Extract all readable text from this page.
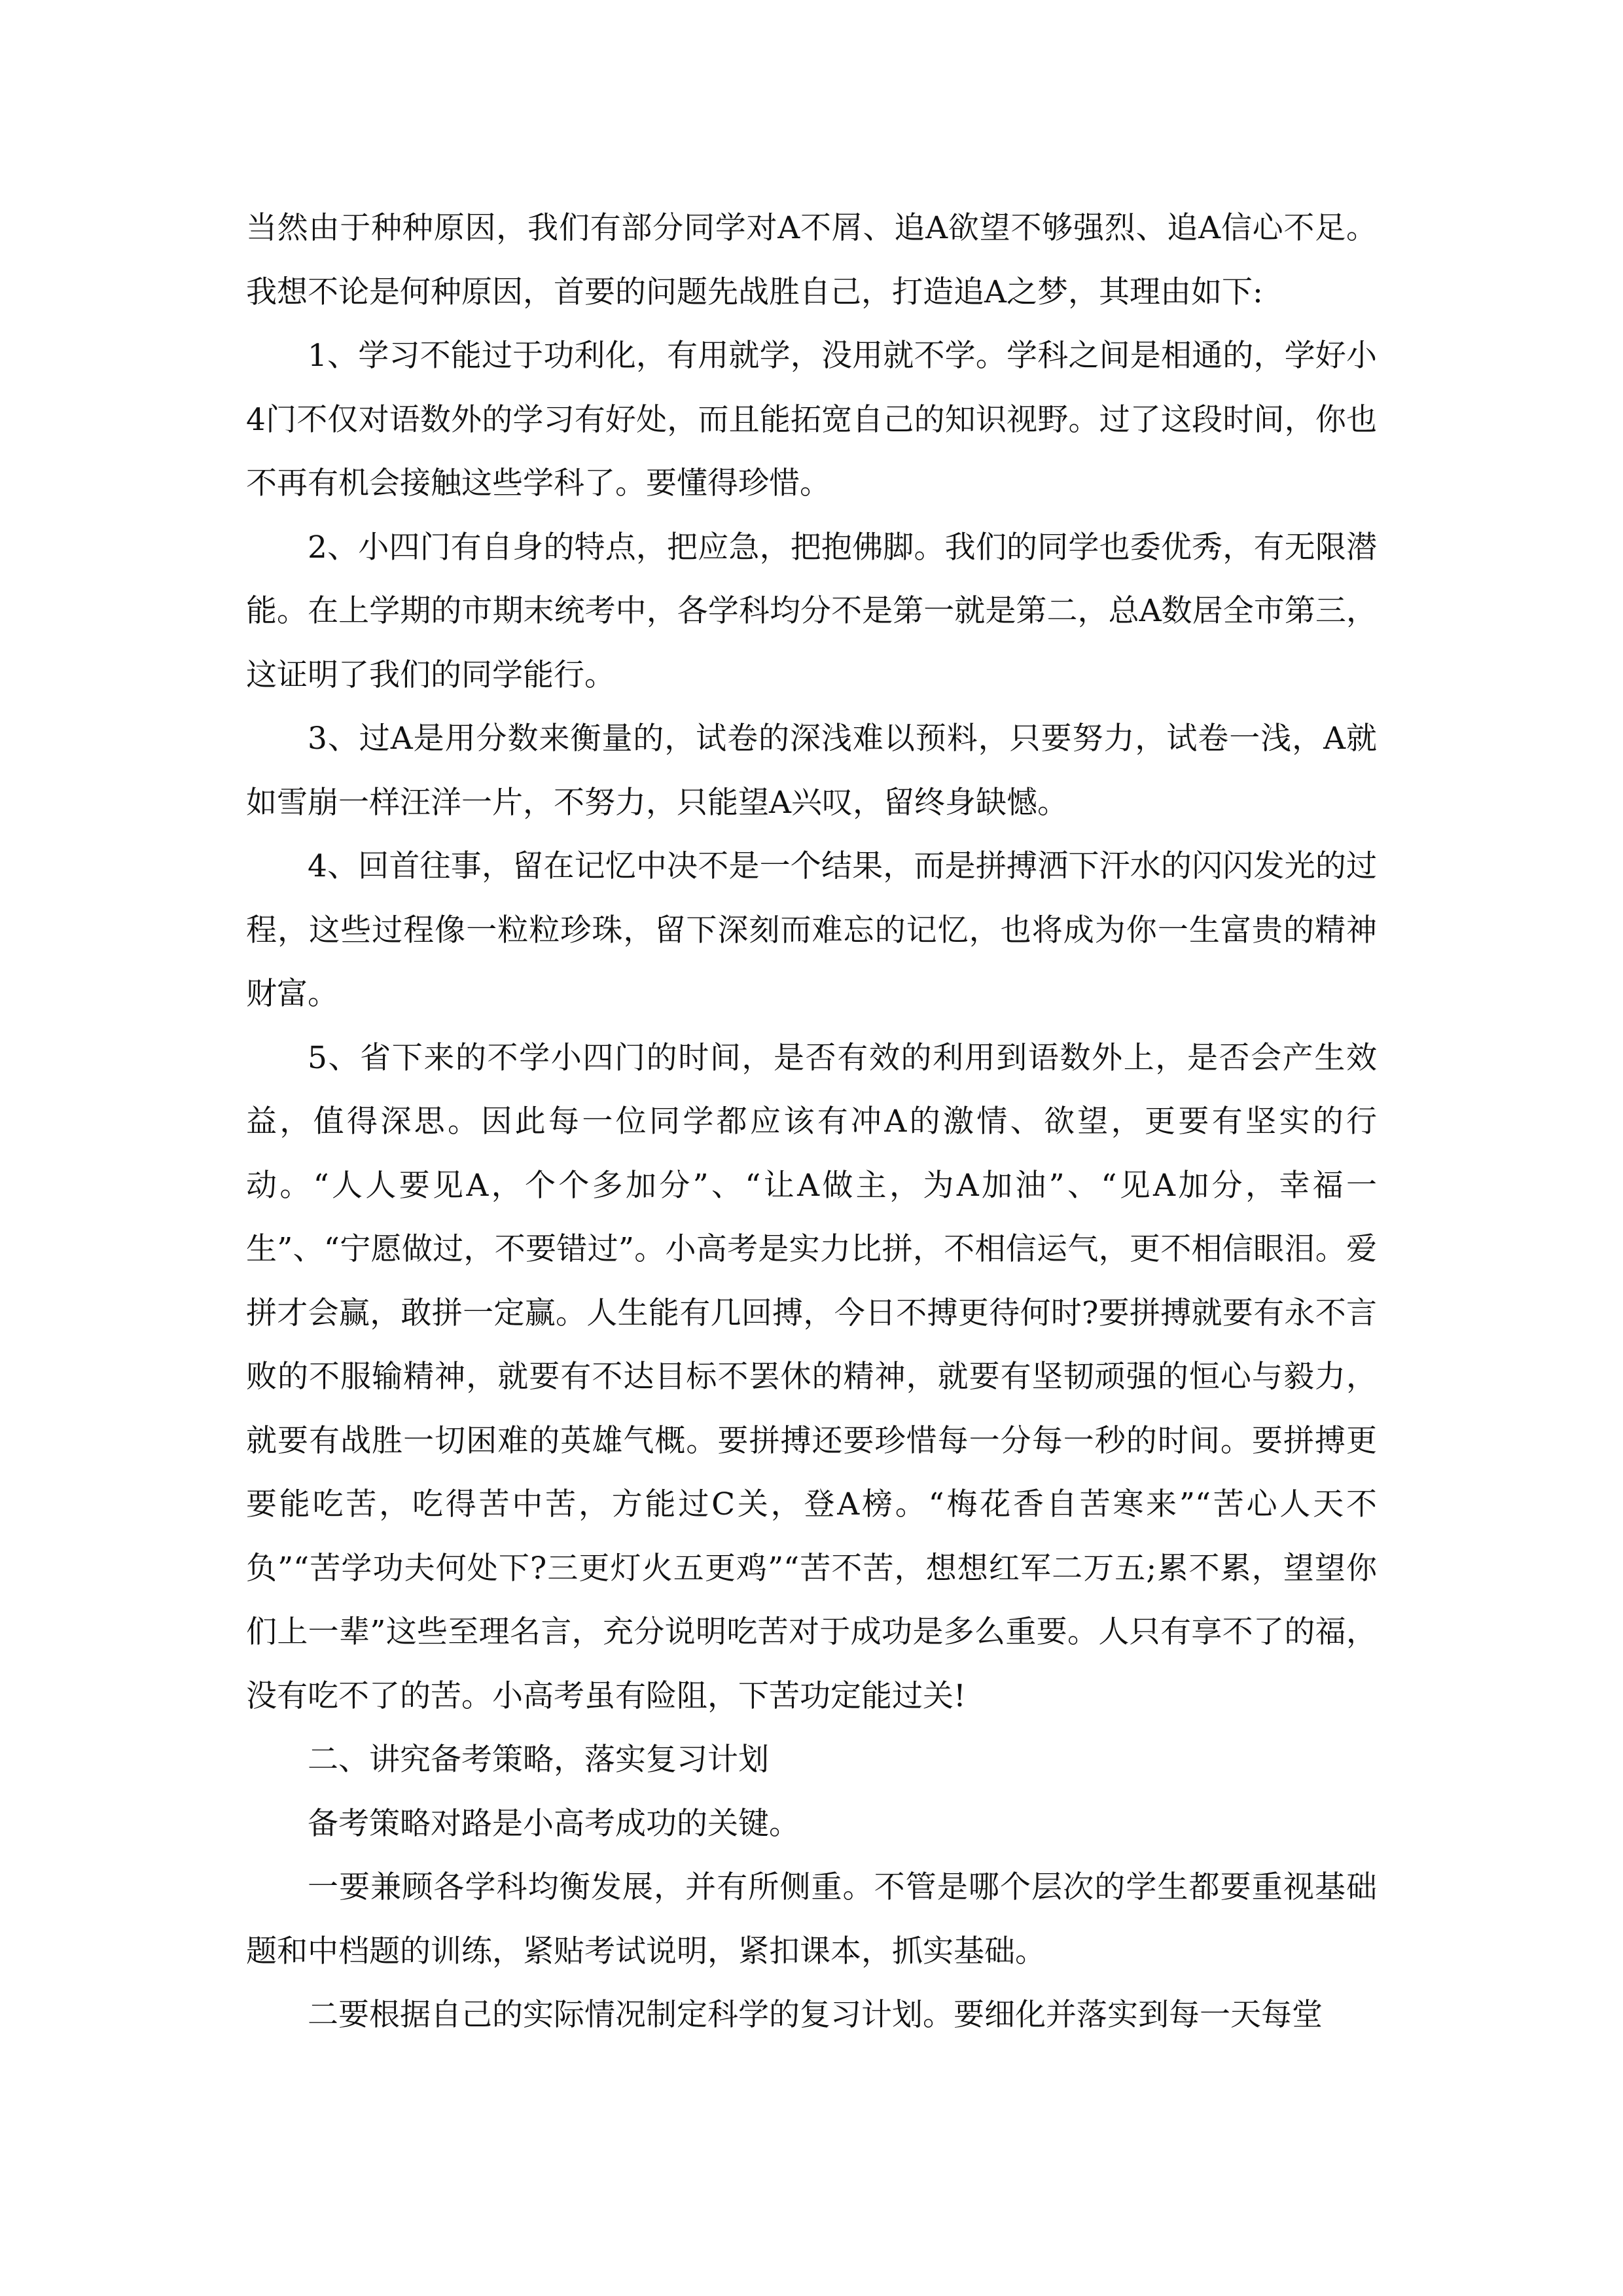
当然由于种种原因，我们有部分同学对A不屑、追A欲望不够强烈、追A信心不足。我想不论是何种原因，首要的问题先战胜自己，打造追A之梦，其理由如下:

1、学习不能过于功利化，有用就学，没用就不学。学科之间是相通的，学好小4门不仅对语数外的学习有好处，而且能拓宽自己的知识视野。过了这段时间，你也不再有机会接触这些学科了。要懂得珍惜。

2、小四门有自身的特点，把应急，把抱佛脚。我们的同学也委优秀，有无限潜能。在上学期的市期末统考中，各学科均分不是第一就是第二，总A数居全市第三，这证明了我们的同学能行。

3、过A是用分数来衡量的，试卷的深浅难以预料，只要努力，试卷一浅，A就如雪崩一样汪洋一片，不努力，只能望A兴叹，留终身缺憾。

4、回首往事，留在记忆中决不是一个结果，而是拼搏洒下汗水的闪闪发光的过程，这些过程像一粒粒珍珠，留下深刻而难忘的记忆，也将成为你一生富贵的精神财富。

5、省下来的不学小四门的时间，是否有效的利用到语数外上，是否会产生效益，值得深思。因此每一位同学都应该有冲A的激情、欲望，更要有坚实的行动。“人人要见A，个个多加分”、“让A做主，为A加油”、“见A加分，幸福一生”、“宁愿做过，不要错过”。小高考是实力比拼，不相信运气，更不相信眼泪。爱拼才会赢，敢拼一定赢。人生能有几回搏，今日不搏更待何时?要拼搏就要有永不言败的不服输精神，就要有不达目标不罢休的精神，就要有坚韧顽强的恒心与毅力，就要有战胜一切困难的英雄气概。要拼搏还要珍惜每一分每一秒的时间。要拼搏更要能吃苦，吃得苦中苦，方能过C关，登A榜。“梅花香自苦寒来”“苦心人天不负”“苦学功夫何处下?三更灯火五更鸡”“苦不苦，想想红军二万五;累不累，望望你们上一辈”这些至理名言，充分说明吃苦对于成功是多么重要。人只有享不了的福，没有吃不了的苦。小高考虽有险阻，下苦功定能过关!

二、讲究备考策略，落实复习计划

备考策略对路是小高考成功的关键。

一要兼顾各学科均衡发展，并有所侧重。不管是哪个层次的学生都要重视基础题和中档题的训练，紧贴考试说明，紧扣课本，抓实基础。

二要根据自己的实际情况制定科学的复习计划。要细化并落实到每一天每堂
